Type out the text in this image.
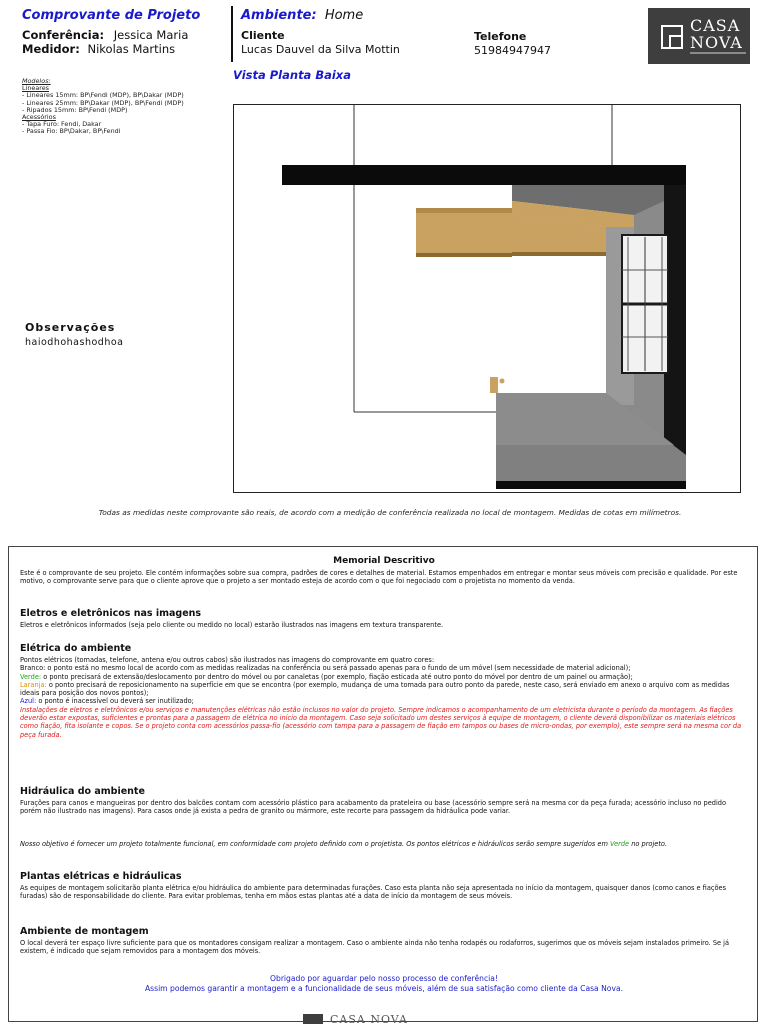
Comprovante de Projeto
Conferência: Jessica Maria
Medidor: Nikolas Martins
Ambiente: Home
Cliente
Lucas Dauvel da Silva Mottin
Telefone
51984947947
Vista Planta Baixa
CASA
NOVA
Modelos:
Lineares
- Lineares 15mm: BP\Fendi (MDP), BP\Dakar (MDP)
- Lineares 25mm: BP\Dakar (MDP), BP\Fendi (MDP)
- Ripados 15mm: BP\Fendi (MDP)
Acessórios
- Tapa Furo: Fendi, Dakar
- Passa Fio: BP\Dakar, BP\Fendi
Observações
haiodhohashodhoa
Todas as medidas neste comprovante são reais, de acordo com a medição de conferência realizada no local de montagem. Medidas de cotas em milímetros.
Memorial Descritivo
Este é o comprovante de seu projeto. Ele contém informações sobre sua compra, padrões de cores e detalhes de material. Estamos empenhados em entregar e montar seus móveis com precisão e qualidade. Por este motivo, o comprovante serve para que o cliente aprove que o projeto a ser montado esteja de acordo com o que foi negociado com o projetista no momento da venda.
Eletros e eletrônicos nas imagens
Eletros e eletrônicos informados (seja pelo cliente ou medido no local) estarão ilustrados nas imagens em textura transparente.
Elétrica do ambiente
Pontos elétricos (tomadas, telefone, antena e/ou outros cabos) são ilustrados nas imagens do comprovante em quatro cores:
Branco: o ponto está no mesmo local de acordo com as medidas realizadas na conferência ou será passado apenas para o fundo de um móvel (sem necessidade de material adicional);
Verde: o ponto precisará de extensão/deslocamento por dentro do móvel ou por canaletas (por exemplo, fiação esticada até outro ponto do móvel por dentro de um painel ou armação);
Laranja: o ponto precisará de reposicionamento na superfície em que se encontra (por exemplo, mudança de uma tomada para outro ponto da parede, neste caso, será enviado em anexo o arquivo com as medidas ideais para posição dos novos pontos);
Azul: o ponto é inacessível ou deverá ser inutilizado;
Instalações de eletros e eletrônicos e/ou serviços e manutenções elétricas não estão inclusos no valor do projeto. Sempre indicamos o acompanhamento de um eletricista durante o período da montagem. As fiações deverão estar expostas, suficientes e prontas para a passagem de elétrica no início da montagem. Caso seja solicitado um destes serviços à equipe de montagem, o cliente deverá disponibilizar os materiais elétricos como fiação, fita isolante e copos. Se o projeto conta com acessórios passa-fio (acessório com tampa para a passagem de fiação em tampos ou bases de micro-ondas, por exemplo), este sempre será na mesma cor da peça furada.
Hidráulica do ambiente
Furações para canos e mangueiras por dentro dos balcões contam com acessório plástico para acabamento da prateleira ou base (acessório sempre será na mesma cor da peça furada; acessório incluso no pedido porém não ilustrado nas imagens). Para casos onde já exista a pedra de granito ou mármore, este recorte para passagem da hidráulica pode variar.
Nosso objetivo é fornecer um projeto totalmente funcional, em conformidade com projeto definido com o projetista. Os pontos elétricos e hidráulicos serão sempre sugeridos em Verde no projeto.
Plantas elétricas e hidráulicas
As equipes de montagem solicitarão planta elétrica e/ou hidráulica do ambiente para determinadas furações. Caso esta planta não seja apresentada no início da montagem, quaisquer danos (como canos e fiações furadas) são de responsabilidade do cliente. Para evitar problemas, tenha em mãos estas plantas até a data de início da montagem de seus móveis.
Ambiente de montagem
O local deverá ter espaço livre suficiente para que os montadores consigam realizar a montagem. Caso o ambiente ainda não tenha rodapés ou rodaforros, sugerimos que os móveis sejam instalados primeiro. Se já existem, é indicado que sejam removidos para a montagem dos móveis.
Obrigado por aguardar pelo nosso processo de conferência!
Assim podemos garantir a montagem e a funcionalidade de seus móveis, além de sua satisfação como cliente da Casa Nova.
CASA NOVA
